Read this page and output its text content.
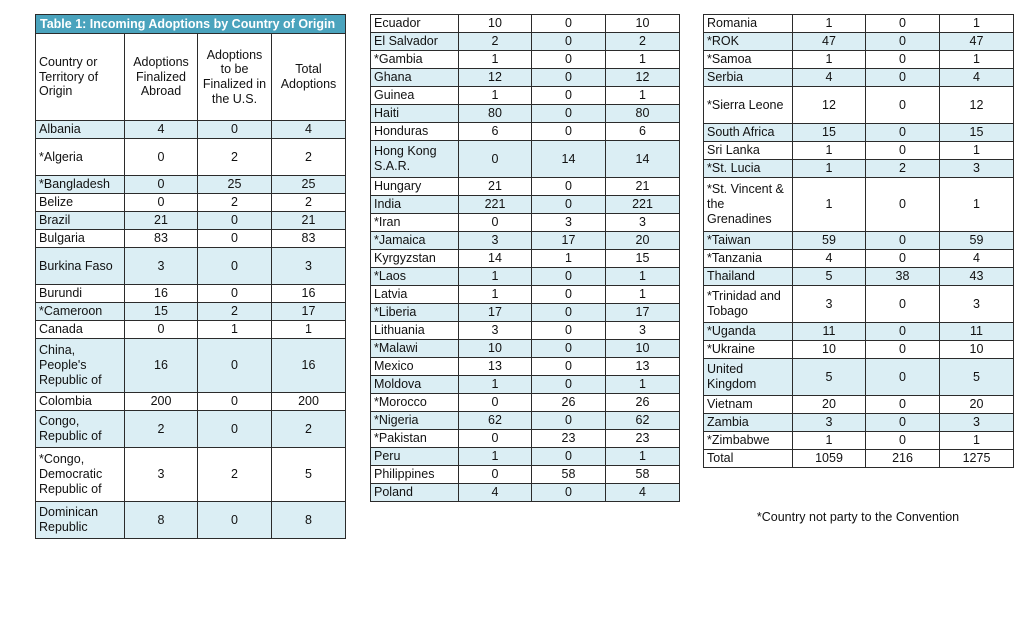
Table 1: Incoming Adoptions by Country of Origin			
Country or Territory of Origin	Adoptions Finalized Abroad	Adoptions to be Finalized in the U.S.	Total Adoptions
Albania	4	0	4
*Algeria	0	2	2
*Bangladesh	0	25	25
Belize	0	2	2
Brazil	21	0	21
Bulgaria	83	0	83
Burkina Faso	3	0	3
Burundi	16	0	16
*Cameroon	15	2	17
Canada	0	1	1
China, People's Republic of	16	0	16
Colombia	200	0	200
Congo, Republic of	2	0	2
*Congo, Democratic Republic of	3	2	5
Dominican Republic	8	0	8
Ecuador	10	0	10
El Salvador	2	0	2
*Gambia	1	0	1
Ghana	12	0	12
Guinea	1	0	1
Haiti	80	0	80
Honduras	6	0	6
Hong Kong S.A.R.	0	14	14
Hungary	21	0	21
India	221	0	221
*Iran	0	3	3
*Jamaica	3	17	20
Kyrgyzstan	14	1	15
*Laos	1	0	1
Latvia	1	0	1
*Liberia	17	0	17
Lithuania	3	0	3
*Malawi	10	0	10
Mexico	13	0	13
Moldova	1	0	1
*Morocco	0	26	26
*Nigeria	62	0	62
*Pakistan	0	23	23
Peru	1	0	1
Philippines	0	58	58
Poland	4	0	4
Romania	1	0	1
*ROK	47	0	47
*Samoa	1	0	1
Serbia	4	0	4
*Sierra Leone	12	0	12
South Africa	15	0	15
Sri Lanka	1	0	1
*St. Lucia	1	2	3
*St. Vincent & the Grenadines	1	0	1
*Taiwan	59	0	59
*Tanzania	4	0	4
Thailand	5	38	43
*Trinidad and Tobago	3	0	3
*Uganda	11	0	11
*Ukraine	10	0	10
United Kingdom	5	0	5
Vietnam	20	0	20
Zambia	3	0	3
*Zimbabwe	1	0	1
Total	1059	216	1275
*Country not party to the Convention
